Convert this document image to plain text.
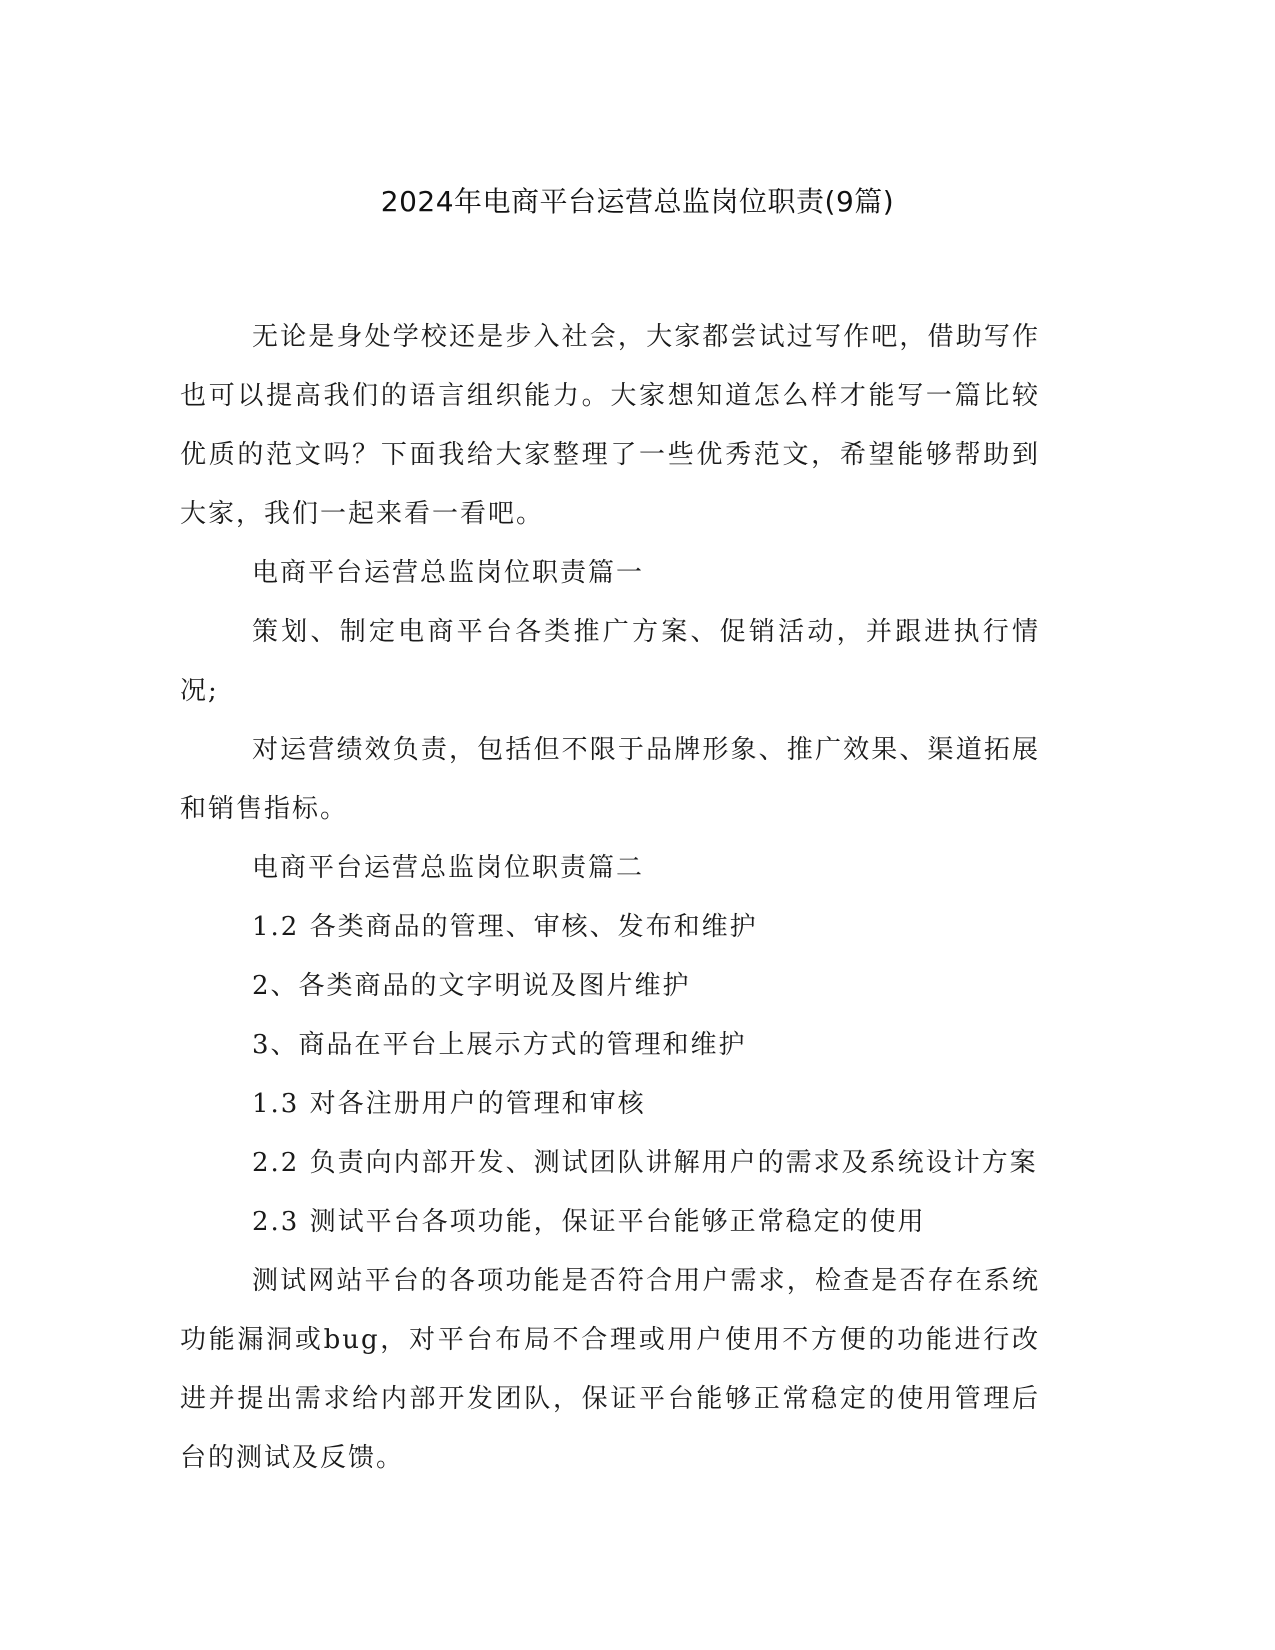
2024年电商平台运营总监岗位职责(9篇)

无论是身处学校还是步入社会，大家都尝试过写作吧，借助写作也可以提高我们的语言组织能力。大家想知道怎么样才能写一篇比较优质的范文吗？下面我给大家整理了一些优秀范文，希望能够帮助到大家，我们一起来看一看吧。

电商平台运营总监岗位职责篇一

策划、制定电商平台各类推广方案、促销活动，并跟进执行情况;

对运营绩效负责，包括但不限于品牌形象、推广效果、渠道拓展和销售指标。

电商平台运营总监岗位职责篇二

1.2 各类商品的管理、审核、发布和维护

2、各类商品的文字明说及图片维护

3、商品在平台上展示方式的管理和维护

1.3 对各注册用户的管理和审核

2.2 负责向内部开发、测试团队讲解用户的需求及系统设计方案

2.3 测试平台各项功能，保证平台能够正常稳定的使用

测试网站平台的各项功能是否符合用户需求，检查是否存在系统功能漏洞或bug，对平台布局不合理或用户使用不方便的功能进行改进并提出需求给内部开发团队，保证平台能够正常稳定的使用管理后台的测试及反馈。
